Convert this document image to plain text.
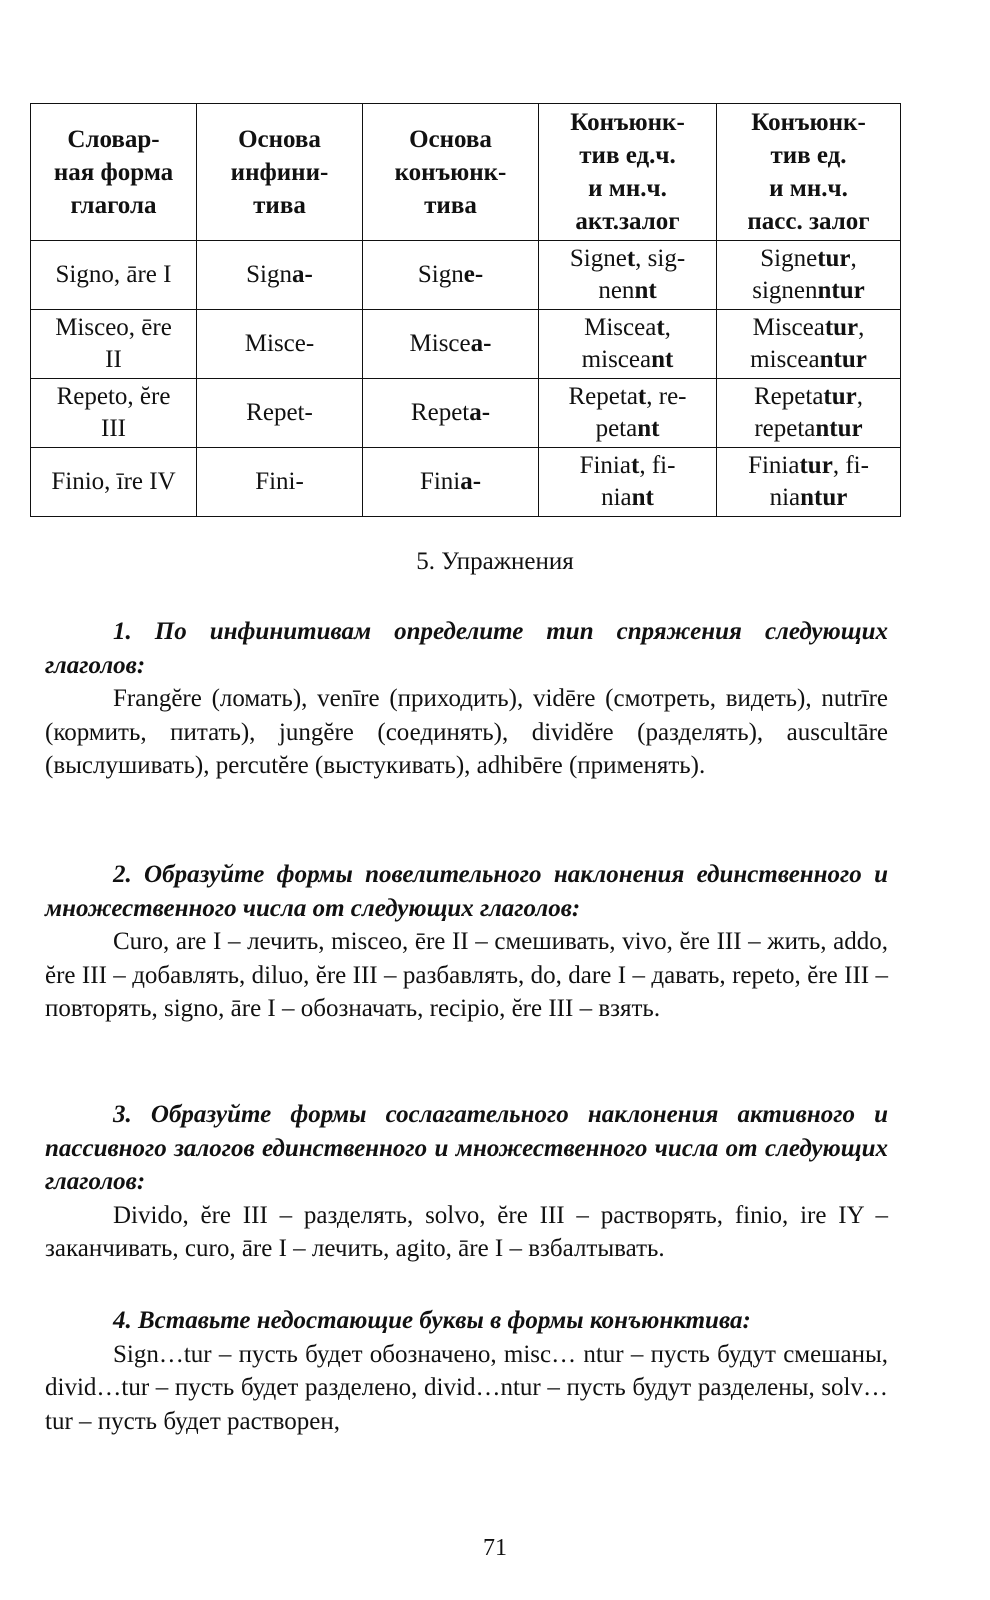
Словар-
ная форма
глагола	Основа
инфини-
тива	Основа
конъюнк-
тива	Конъюнк-
тив ед.ч.
и мн.ч.
акт.залог	Конъюнк-
тив ед.
и мн.ч.
пасс. залог
Signo, āre I	Signa-	Signe-	Signet, sig-
nennt	Signetur,
signenntur

Misceo, ēre II	Misce-	Miscea-	Misceat,
misceant	Misceatur,
misceantur

Repeto, ĕre III	Repet-	Repeta-	Repetat, re-
petant	Repetatur,
repetantur

Finio, īre IV	Fini-	Finia-	Finiat, fi-
niant	Finiatur, fi-
niantur
5. Упражнения
1. По инфинитивам определите тип спряжения следующих глаголов:
Frangĕre (ломать), venīre (приходить), vidēre (смотреть, видеть), nutrīre (кормить, питать), jungĕre (соединять), dividĕre (разделять), auscultāre (выслушивать), percutĕre (выстукивать), adhibēre (применять).
2. Образуйте формы повелительного наклонения единственного и множественного числа от следующих глаголов:
Curo, are I – лечить, misceo, ēre II – смешивать, vivo, ĕre III – жить, addo, ĕre III – добавлять, diluo, ĕre III – разбавлять, do, dare I – давать, repeto, ĕre III – повторять, signo, āre I – обозначать, recipio, ĕre III – взять.
3. Образуйте формы сослагательного наклонения активного и пассивного залогов единственного и множественного числа от следующих глаголов:
Divido, ĕre III – разделять, solvo, ĕre III – растворять, finio, ire IY – заканчивать, curo, āre I – лечить, agito, āre I – взбалтывать.
4. Вставьте недостающие буквы в формы конъюнктива:
Sign…tur – пусть будет обозначено, misc… ntur – пусть будут смешаны, divid…tur – пусть будет разделено, divid…ntur – пусть будут разделены, solv…tur – пусть будет растворен,
71
